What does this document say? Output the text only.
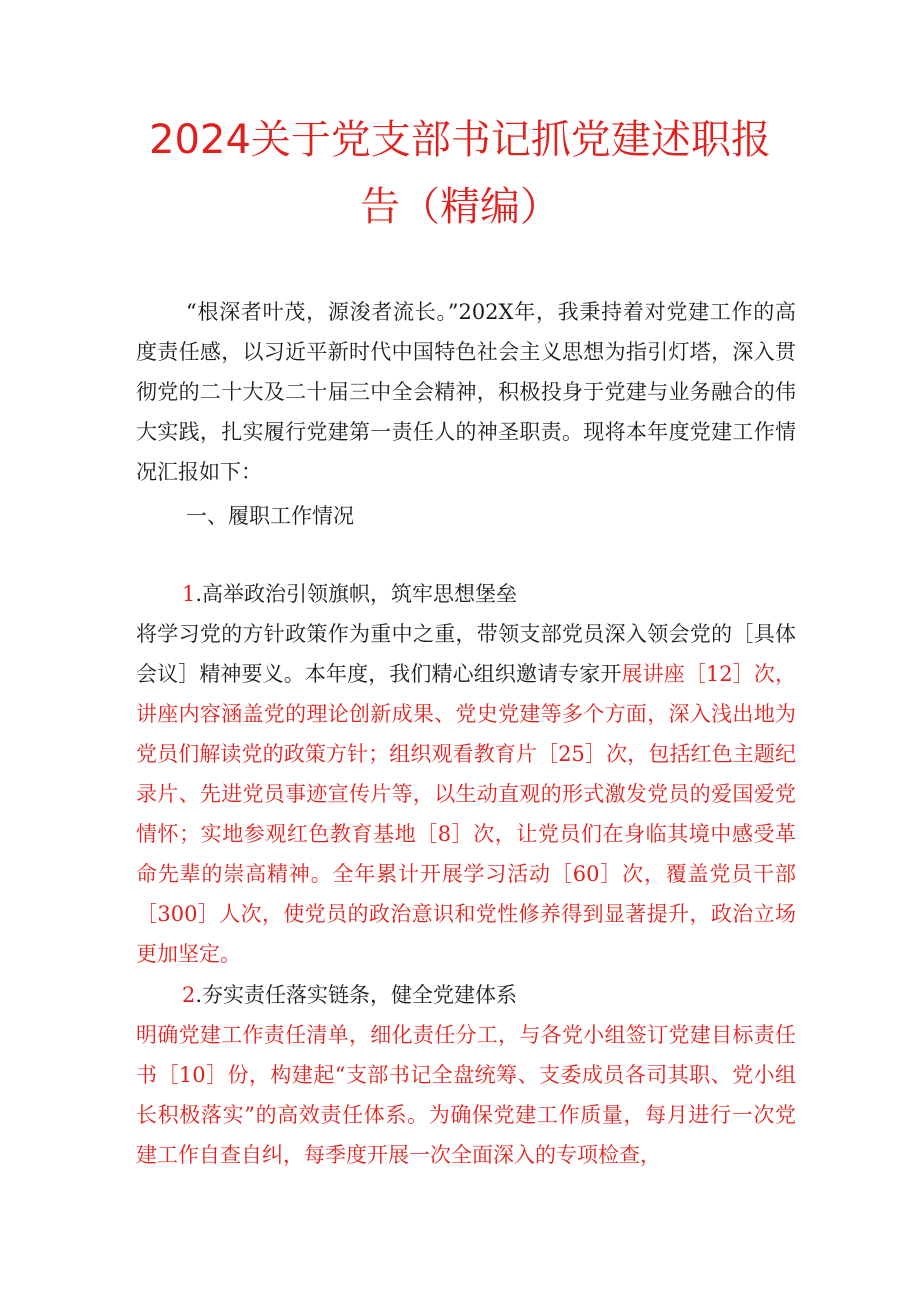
2024关于党支部书记抓党建述职报
告（精编）

“根深者叶茂，源浚者流长。”202X年，我秉持着对党建工作的高度责任感，以习近平新时代中国特色社会主义思想为指引灯塔，深入贯彻党的二十大及二十届三中全会精神，积极投身于党建与业务融合的伟大实践，扎实履行党建第一责任人的神圣职责。现将本年度党建工作情况汇报如下：

一、履职工作情况

1.高举政治引领旗帜，筑牢思想堡垒

将学习党的方针政策作为重中之重，带领支部党员深入领会党的［具体会议］精神要义。本年度，我们精心组织邀请专家开展讲座［12］次，讲座内容涵盖党的理论创新成果、党史党建等多个方面，深入浅出地为党员们解读党的政策方针；组织观看教育片［25］次，包括红色主题纪录片、先进党员事迹宣传片等，以生动直观的形式激发党员的爱国爱党情怀；实地参观红色教育基地［8］次，让党员们在身临其境中感受革命先辈的崇高精神。全年累计开展学习活动［60］次，覆盖党员干部［300］人次，使党员的政治意识和党性修养得到显著提升，政治立场更加坚定。

2.夯实责任落实链条，健全党建体系

明确党建工作责任清单，细化责任分工，与各党小组签订党建目标责任书［10］份，构建起“支部书记全盘统筹、支委成员各司其职、党小组长积极落实”的高效责任体系。为确保党建工作质量，每月进行一次党建工作自查自纠，每季度开展一次全面深入的专项检查，
